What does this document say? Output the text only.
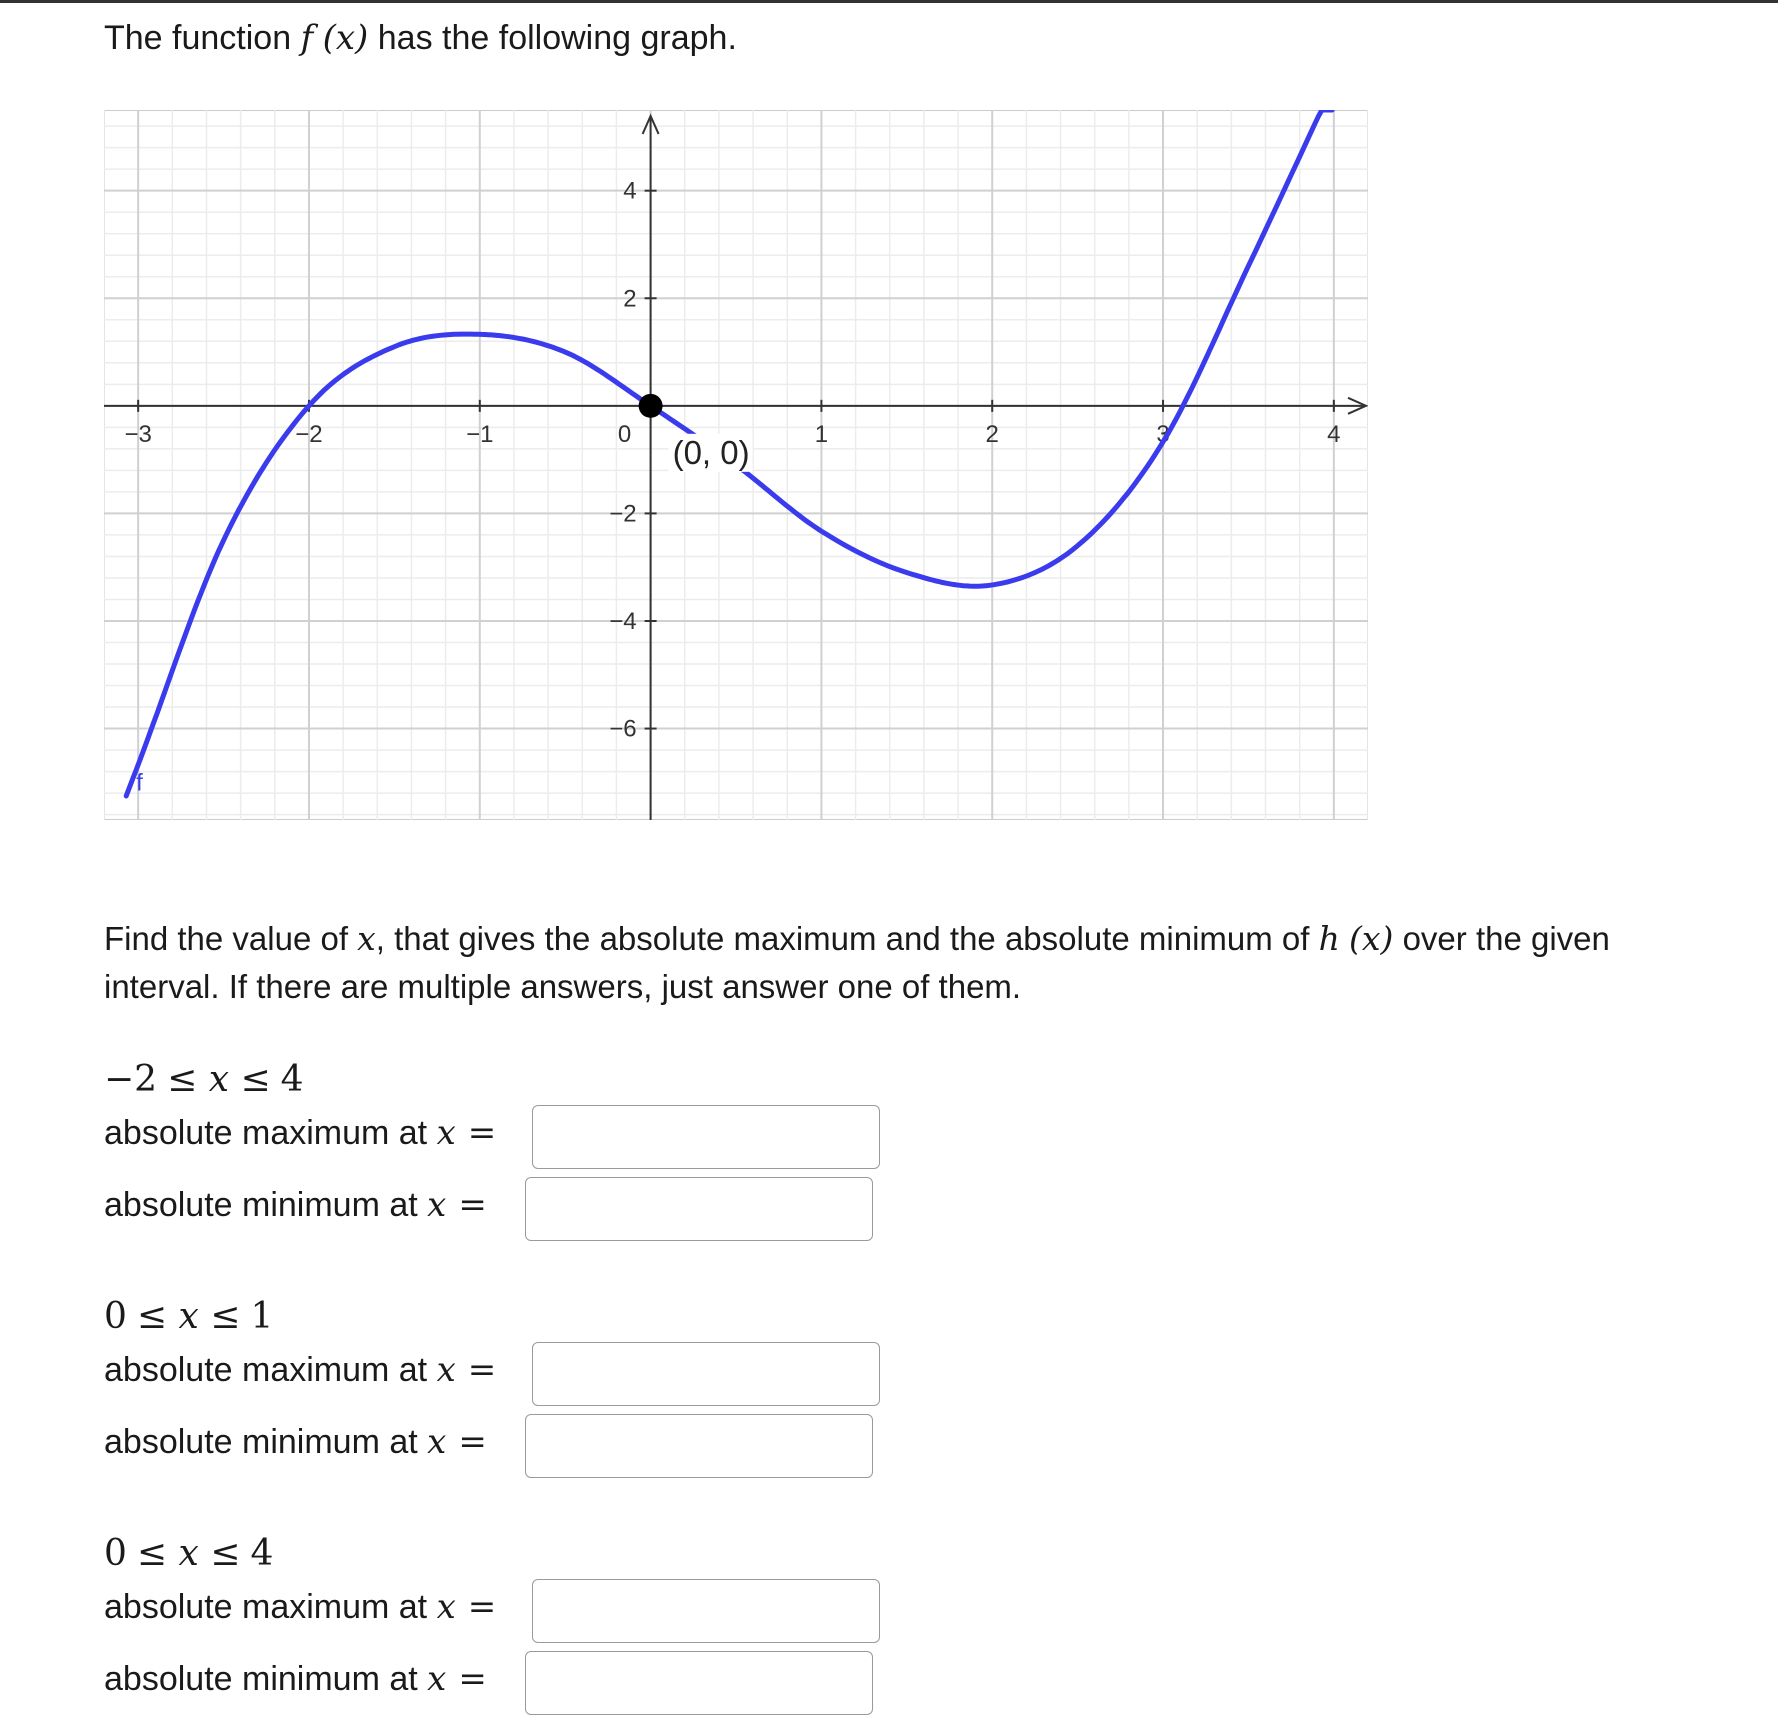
The function f (x) has the following graph.
−3	−2	−1	0	1	2	3	4
4
2
−2
−4
−6
(0, 0)
f
Find the value of x, that gives the absolute maximum and the absolute minimum of h (x) over the given interval. If there are multiple answers, just answer one of them.
−2 ≤ x ≤ 4
absolute maximum at x =
absolute minimum at x =
0 ≤ x ≤ 1
absolute maximum at x =
absolute minimum at x =
0 ≤ x ≤ 4
absolute maximum at x =
absolute minimum at x =
